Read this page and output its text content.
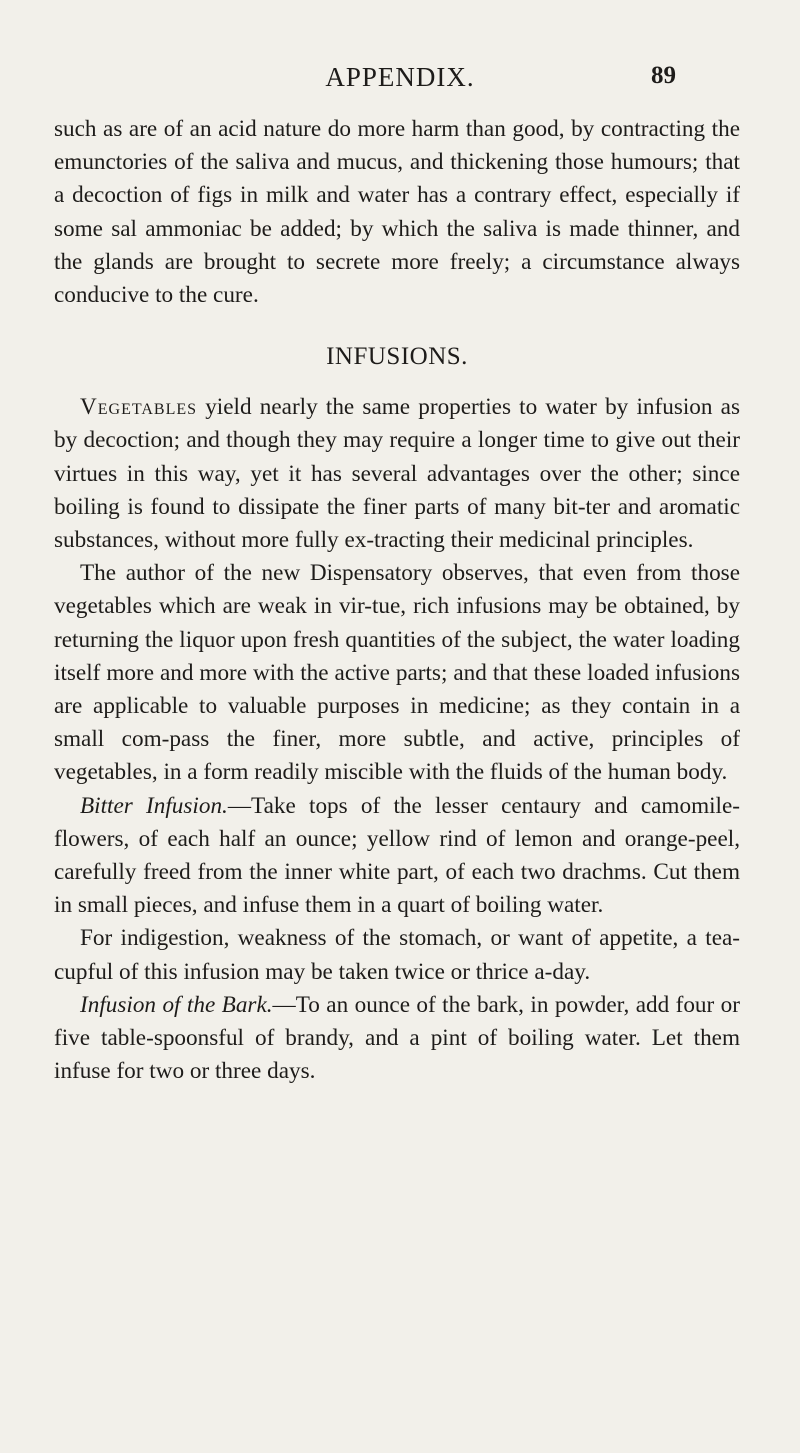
APPENDIX.	89

such as are of an acid nature do more harm than good, by contracting the emunctories of the saliva and mucus, and thickening those humours; that a decoction of figs in milk and water has a contrary effect, especially if some sal ammoniac be added; by which the saliva is made thinner, and the glands are brought to secrete more freely; a circumstance always conducive to the cure.

INFUSIONS.

Vegetables yield nearly the same properties to water by infusion as by decoction; and though they may require a longer time to give out their virtues in this way, yet it has several advantages over the other; since boiling is found to dissipate the finer parts of many bit-ter and aromatic substances, without more fully ex-tracting their medicinal principles.

The author of the new Dispensatory observes, that even from those vegetables which are weak in vir-tue, rich infusions may be obtained, by returning the liquor upon fresh quantities of the subject, the water loading itself more and more with the active parts; and that these loaded infusions are applicable to valuable purposes in medicine; as they contain in a small com-pass the finer, more subtle, and active, principles of vegetables, in a form readily miscible with the fluids of the human body.

Bitter Infusion.—Take tops of the lesser centaury and camomile-flowers, of each half an ounce; yellow rind of lemon and orange-peel, carefully freed from the inner white part, of each two drachms. Cut them in small pieces, and infuse them in a quart of boiling water.

For indigestion, weakness of the stomach, or want of appetite, a tea-cupful of this infusion may be taken twice or thrice a-day.

Infusion of the Bark.—To an ounce of the bark, in powder, add four or five table-spoonsful of brandy, and a pint of boiling water. Let them infuse for two or three days.
